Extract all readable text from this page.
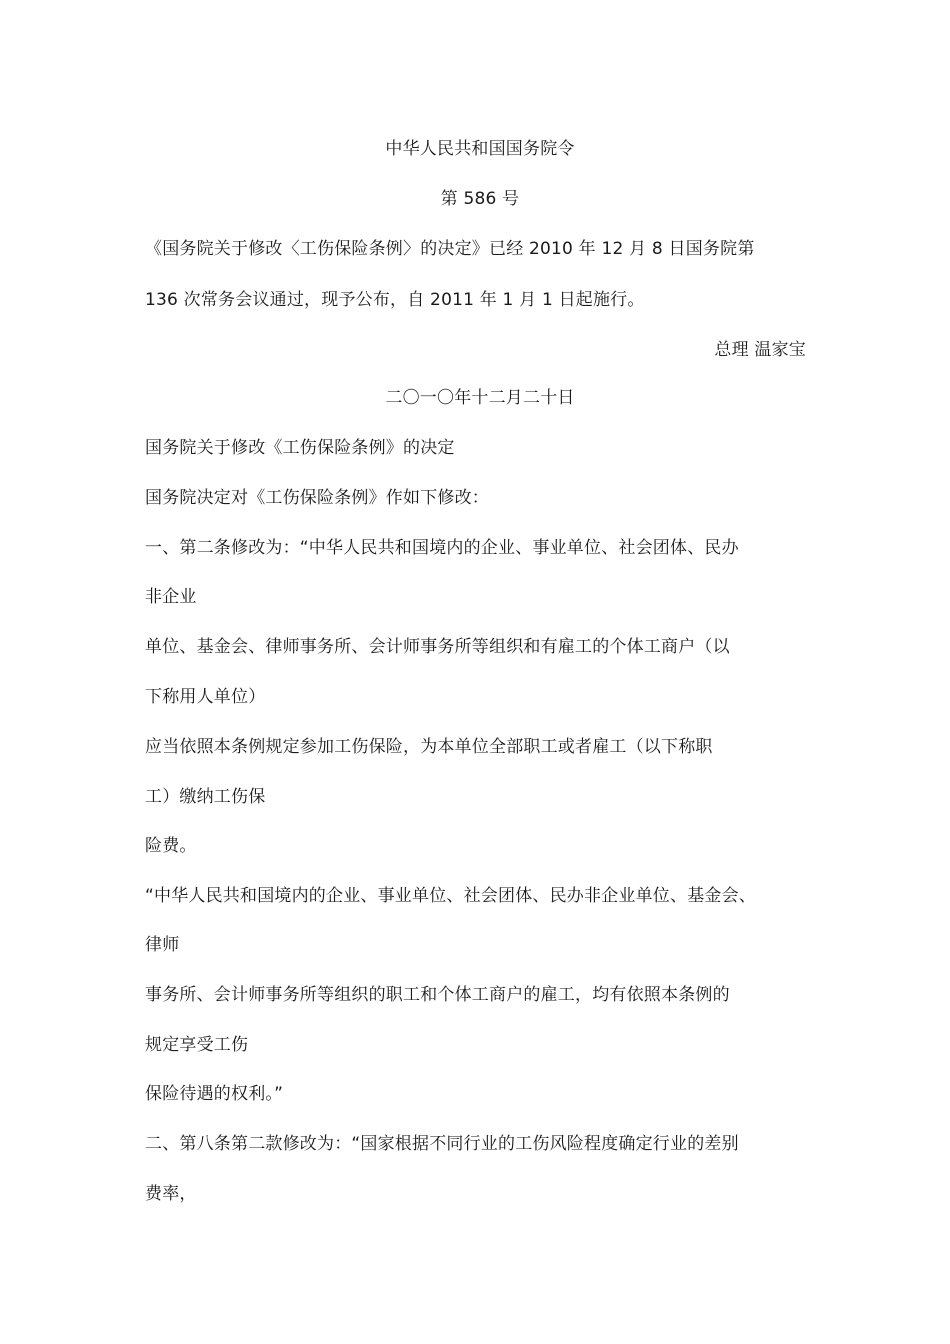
中华人民共和国国务院令
第 586 号
《国务院关于修改〈工伤保险条例〉的决定》已经 2010 年 12 月 8 日国务院第
136 次常务会议通过，现予公布，自 2011 年 1 月 1 日起施行。
总理 温家宝
二〇一〇年十二月二十日
国务院关于修改《工伤保险条例》的决定
国务院决定对《工伤保险条例》作如下修改：
一、第二条修改为：“中华人民共和国境内的企业、事业单位、社会团体、民办
非企业
单位、基金会、律师事务所、会计师事务所等组织和有雇工的个体工商户（以
下称用人单位）
应当依照本条例规定参加工伤保险，为本单位全部职工或者雇工（以下称职
工）缴纳工伤保
险费。
“中华人民共和国境内的企业、事业单位、社会团体、民办非企业单位、基金会、
律师
事务所、会计师事务所等组织的职工和个体工商户的雇工，均有依照本条例的
规定享受工伤
保险待遇的权利。”
二、第八条第二款修改为：“国家根据不同行业的工伤风险程度确定行业的差别
费率，
